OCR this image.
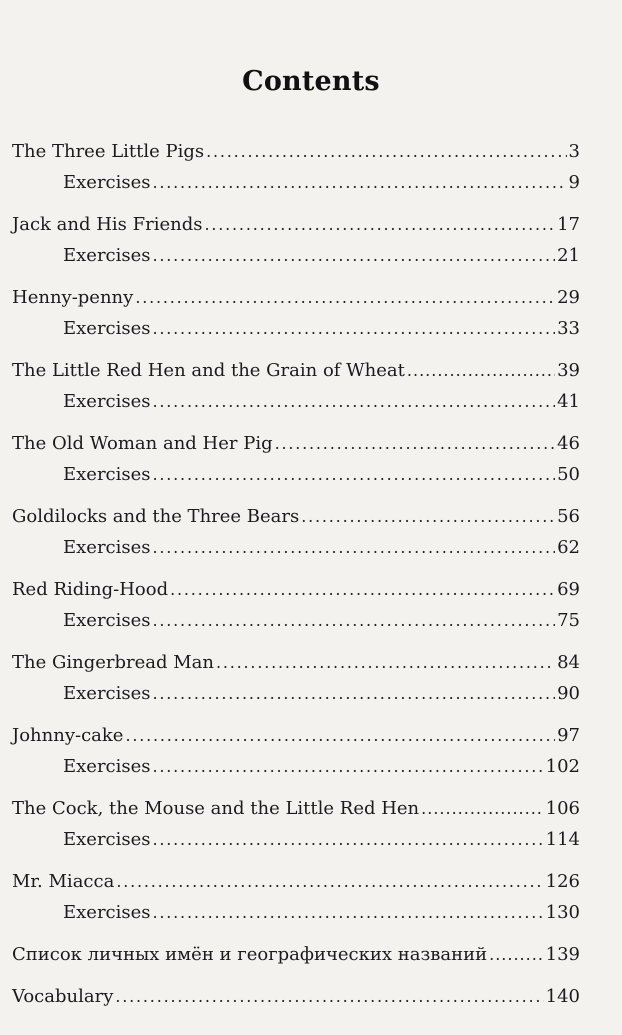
Contents
The Three Little Pigs .....	3
Exercises .....	9
Jack and His Friends .....	17
Exercises .....	21
Henny-penny .....	29
Exercises .....	33
The Little Red Hen and the Grain of Wheat .....	39
Exercises .....	41
The Old Woman and Her Pig .....	46
Exercises .....	50
Goldilocks and the Three Bears .....	56
Exercises .....	62
Red Riding-Hood .....	69
Exercises .....	75
The Gingerbread Man .....	84
Exercises .....	90
Johnny-cake .....	97
Exercises .....	102
The Cock, the Mouse and the Little Red Hen .....	106
Exercises .....	114
Mr. Miacca .....	126
Exercises .....	130
Список личных имён и географических названий .....	139
Vocabulary .....	140
